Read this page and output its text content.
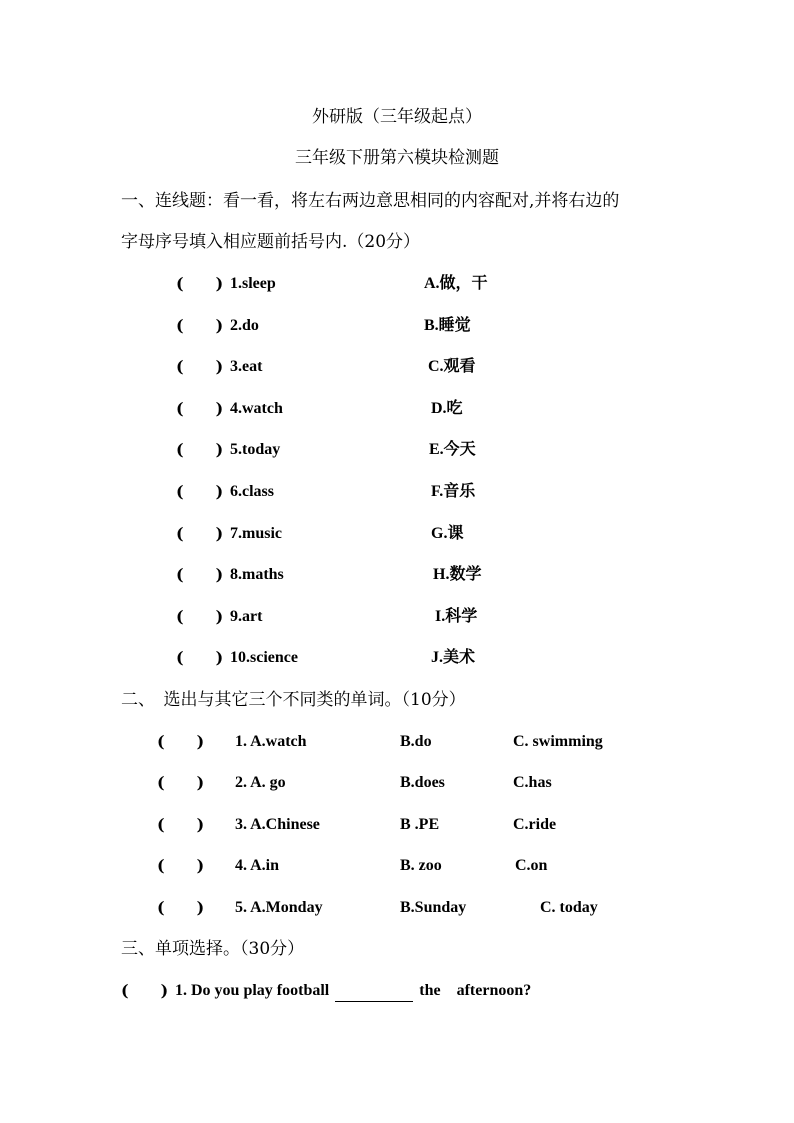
外研版（三年级起点）
三年级下册第六模块检测题
一、连线题：看一看，将左右两边意思相同的内容配对,并将右边的
字母序号填入相应题前括号内.（20分）
(　　) 1.sleep	A.做，干
(　　) 2.do	B.睡觉
(　　) 3.eat	C.观看
(　　) 4.watch	D.吃
(　　) 5.today	E.今天
(　　) 6.class	F.音乐
(　　) 7.music	G.课
(　　) 8.maths	H.数学
(　　) 9.art	I.科学
(　　) 10.science	J.美术
二、　选出与其它三个不同类的单词。（10分）
(　　) 1. A.watch	B.do	C. swimming
(　　) 2. A. go	B.does	C.has
(　　) 3. A.Chinese	B .PE	C.ride
(　　) 4. A.in	B. zoo	C.on
(　　) 5. A.Monday	B.Sunday	C. today
三、单项选择。（30分）
(　　) 1. Do you play football	the　afternoon?
